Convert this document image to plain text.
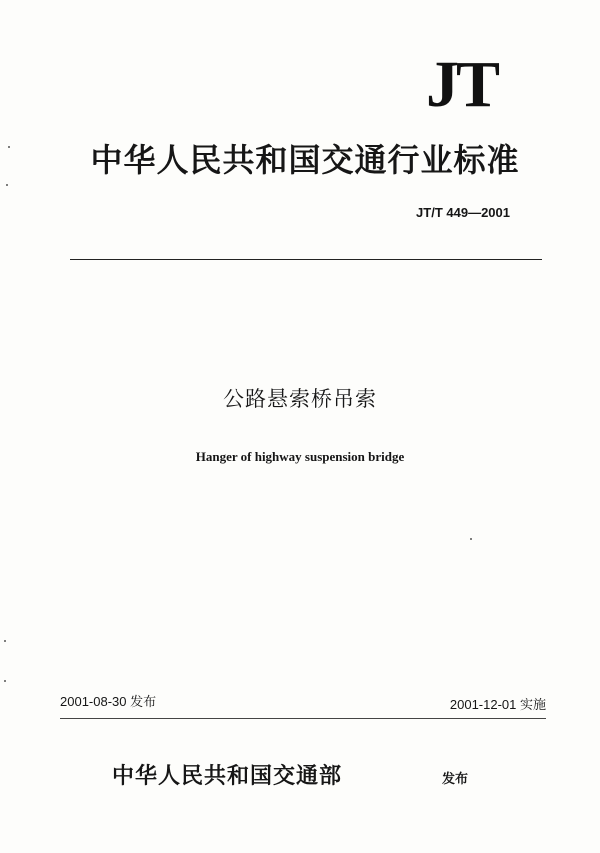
JT
中华人民共和国交通行业标准
JT/T 449—2001
公路悬索桥吊索
Hanger of highway suspension bridge
2001-08-30 发布	2001-12-01 实施
中华人民共和国交通部	发布
